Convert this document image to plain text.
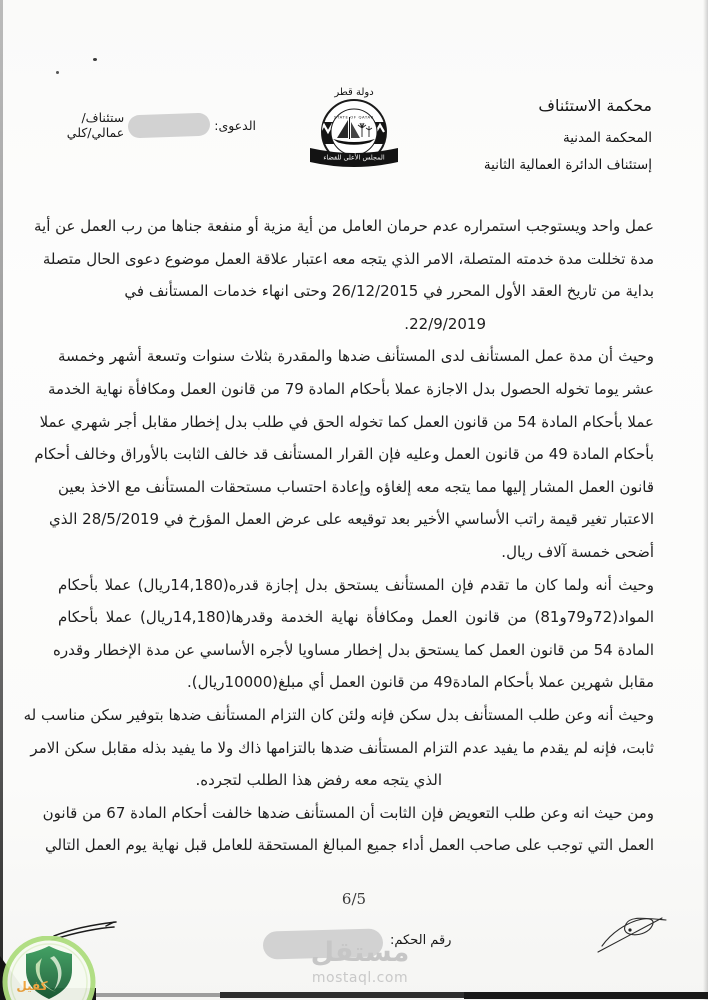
محكمة الاستئناف
المحكمة المدنية
إستئناف الدائرة العمالية الثانية
الدعوى:
ستئناف/عمالي/كلي
دولة قطر
STATE OF QATAR
المجلس الأعلى للقضاء
عمل واحد ويستوجب استمراره عدم حرمان العامل من أية مزية أو منفعة جناها من رب العمل عن أية
مدة تخللت مدة خدمته المتصلة، الامر الذي يتجه معه اعتبار علاقة العمل موضوع دعوى الحال متصلة
بداية من تاريخ العقد الأول المحرر في 26/12/2015 وحتى انهاء خدمات المستأنف في
22/9/2019.
وحيث أن مدة عمل المستأنف لدى المستأنف ضدها والمقدرة بثلاث سنوات وتسعة أشهر وخمسة
عشر يوما تخوله الحصول بدل الاجازة عملا بأحكام المادة 79 من قانون العمل ومكافأة نهاية الخدمة
عملا بأحكام المادة 54 من قانون العمل كما تخوله الحق في طلب بدل إخطار مقابل أجر شهري عملا
بأحكام المادة 49 من قانون العمل وعليه فإن القرار المستأنف قد خالف الثابت بالأوراق وخالف أحكام
قانون العمل المشار إليها مما يتجه معه إلغاؤه وإعادة احتساب مستحقات المستأنف مع الاخذ بعين
الاعتبار تغير قيمة راتب الأساسي الأخير بعد توقيعه على عرض العمل المؤرخ في 28/5/2019 الذي
أضحى خمسة آلاف ريال.
وحيث أنه ولما كان ما تقدم فإن المستأنف يستحق بدل إجازة قدره(14,180ريال) عملا بأحكام
المواد(72و79و81) من قانون العمل ومكافأة نهاية الخدمة وقدرها(14,180ريال) عملا بأحكام
المادة 54 من قانون العمل كما يستحق بدل إخطار مساويا لأجره الأساسي عن مدة الإخطار وقدره
مقابل شهرين عملا بأحكام المادة49 من قانون العمل أي مبلغ(10000ريال).
وحيث أنه وعن طلب المستأنف بدل سكن فإنه ولئن كان التزام المستأنف ضدها بتوفير سكن مناسب له
ثابت، فإنه لم يقدم ما يفيد عدم التزام المستأنف ضدها بالتزامها ذاك ولا ما يفيد بذله مقابل سكن الامر
الذي يتجه معه رفض هذا الطلب لتجرده.
ومن حيث انه وعن طلب التعويض فإن الثابت أن المستأنف ضدها خالفت أحكام المادة 67 من قانون
العمل التي توجب على صاحب العمل أداء جميع المبالغ المستحقة للعامل قبل نهاية يوم العمل التالي
6/5
رقم الحكم:
مستقل
mostaql.com
كفيل
